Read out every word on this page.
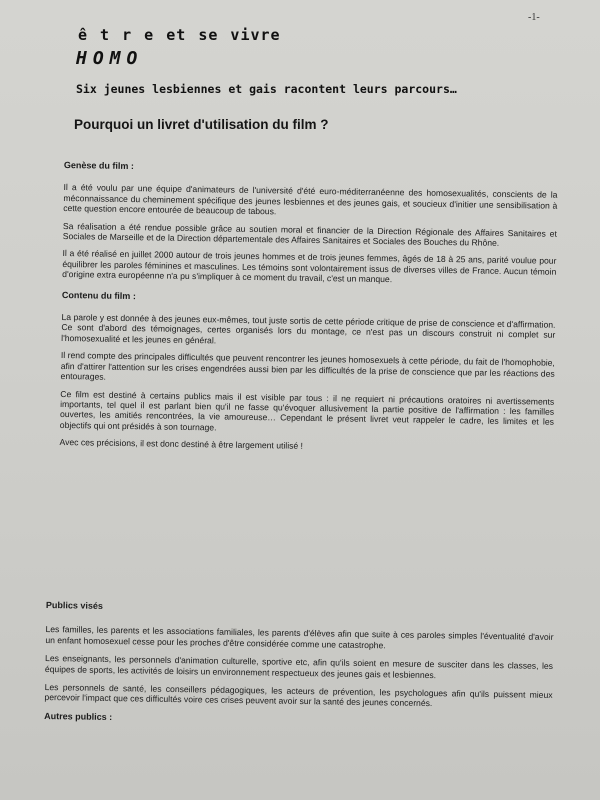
-1-
ê t r e et se vivre
HOMO
Six jeunes lesbiennes et gais racontent leurs parcours…
Pourquoi un livret d'utilisation du film ?
Genèse du film :

Il a été voulu par une équipe d'animateurs de l'université d'été euro-méditerranéenne des homosexualités, conscients de la méconnaissance du cheminement spécifique des jeunes lesbiennes et des jeunes gais, et soucieux d'initier une sensibilisation à cette question encore entourée de beaucoup de tabous.

Sa réalisation a été rendue possible grâce au soutien moral et financier de la Direction Régionale des Affaires Sanitaires et Sociales de Marseille et de la Direction départementale des Affaires Sanitaires et Sociales des Bouches du Rhône.

Il a été réalisé en juillet 2000 autour de trois jeunes hommes et de trois jeunes femmes, âgés de 18 à 25 ans, parité voulue pour équilibrer les paroles féminines et masculines. Les témoins sont volontairement issus de diverses villes de France. Aucun témoin d'origine extra européenne n'a pu s'impliquer à ce moment du travail, c'est un manque.

Contenu du film :

La parole y est donnée à des jeunes eux-mêmes, tout juste sortis de cette période critique de prise de conscience et d'affirmation. Ce sont d'abord des témoignages, certes organisés lors du montage, ce n'est pas un discours construit ni complet sur l'homosexualité et les jeunes en général.

Il rend compte des principales difficultés que peuvent rencontrer les jeunes homosexuels à cette période, du fait de l'homophobie, afin d'attirer l'attention sur les crises engendrées aussi bien par les difficultés de la prise de conscience que par les réactions des entourages.

Ce film est destiné à certains publics mais il est visible par tous : il ne requiert ni précautions oratoires ni avertissements importants, tel quel il est parlant bien qu'il ne fasse qu'évoquer allusivement la partie positive de l'affirmation : les familles ouvertes, les amitiés rencontrées, la vie amoureuse… Cependant le présent livret veut rappeler le cadre, les limites et les objectifs qui ont présidés à son tournage.

Avec ces précisions, il est donc destiné à être largement utilisé !

Publics visés

Les familles, les parents et les associations familiales, les parents d'élèves afin que suite à ces paroles simples l'éventualité d'avoir un enfant homosexuel cesse pour les proches d'être considérée comme une catastrophe.

Les enseignants, les personnels d'animation culturelle, sportive etc, afin qu'ils soient en mesure de susciter dans les classes, les équipes de sports, les activités de loisirs un environnement respectueux des jeunes gais et lesbiennes.

Les personnels de santé, les conseillers pédagogiques, les acteurs de prévention, les psychologues afin qu'ils puissent mieux percevoir l'impact que ces difficultés voire ces crises peuvent avoir sur la santé des jeunes concernés.

Autres publics :
